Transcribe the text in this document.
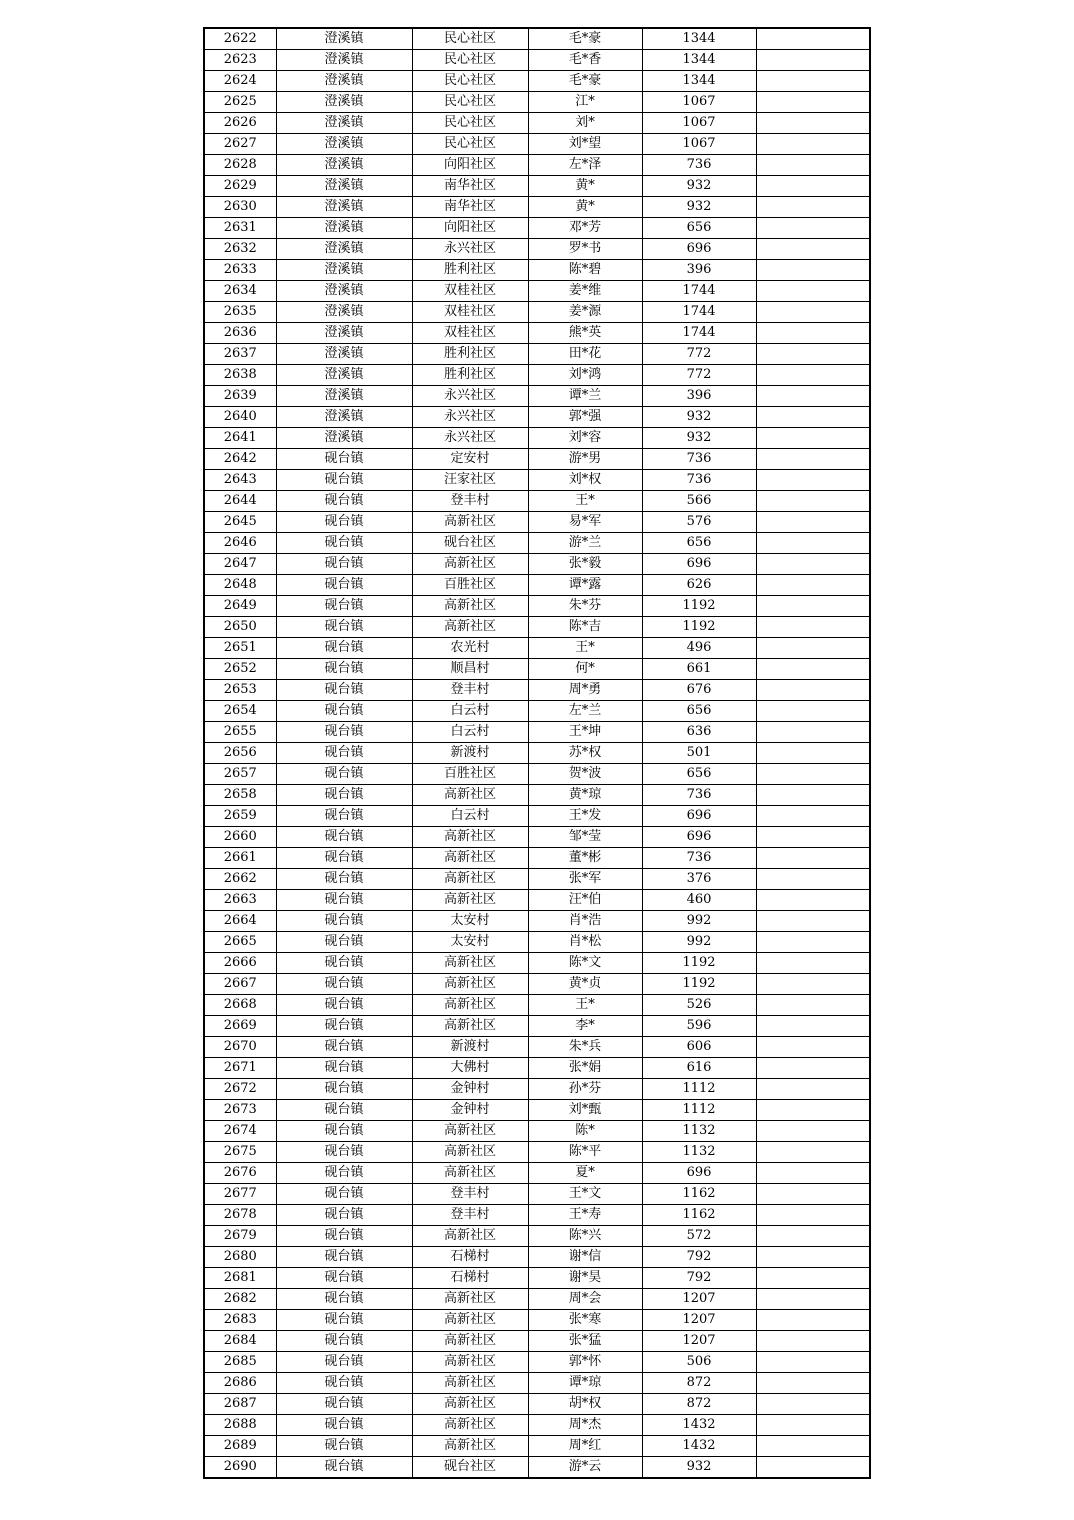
2622	澄溪镇	民心社区	毛*豪	1344	
2623	澄溪镇	民心社区	毛*香	1344	
2624	澄溪镇	民心社区	毛*豪	1344	
2625	澄溪镇	民心社区	江*	1067	
2626	澄溪镇	民心社区	刘*	1067	
2627	澄溪镇	民心社区	刘*望	1067	
2628	澄溪镇	向阳社区	左*泽	736	
2629	澄溪镇	南华社区	黄*	932	
2630	澄溪镇	南华社区	黄*	932	
2631	澄溪镇	向阳社区	邓*芳	656	
2632	澄溪镇	永兴社区	罗*书	696	
2633	澄溪镇	胜利社区	陈*碧	396	
2634	澄溪镇	双桂社区	姜*维	1744	
2635	澄溪镇	双桂社区	姜*源	1744	
2636	澄溪镇	双桂社区	熊*英	1744	
2637	澄溪镇	胜利社区	田*花	772	
2638	澄溪镇	胜利社区	刘*鸿	772	
2639	澄溪镇	永兴社区	谭*兰	396	
2640	澄溪镇	永兴社区	郭*强	932	
2641	澄溪镇	永兴社区	刘*容	932	
2642	砚台镇	定安村	游*男	736	
2643	砚台镇	汪家社区	刘*权	736	
2644	砚台镇	登丰村	王*	566	
2645	砚台镇	高新社区	易*军	576	
2646	砚台镇	砚台社区	游*兰	656	
2647	砚台镇	高新社区	张*毅	696	
2648	砚台镇	百胜社区	谭*露	626	
2649	砚台镇	高新社区	朱*芬	1192	
2650	砚台镇	高新社区	陈*吉	1192	
2651	砚台镇	农光村	王*	496	
2652	砚台镇	顺昌村	何*	661	
2653	砚台镇	登丰村	周*勇	676	
2654	砚台镇	白云村	左*兰	656	
2655	砚台镇	白云村	王*坤	636	
2656	砚台镇	新渡村	苏*权	501	
2657	砚台镇	百胜社区	贺*波	656	
2658	砚台镇	高新社区	黄*琼	736	
2659	砚台镇	白云村	王*发	696	
2660	砚台镇	高新社区	邹*莹	696	
2661	砚台镇	高新社区	董*彬	736	
2662	砚台镇	高新社区	张*军	376	
2663	砚台镇	高新社区	汪*伯	460	
2664	砚台镇	太安村	肖*浩	992	
2665	砚台镇	太安村	肖*松	992	
2666	砚台镇	高新社区	陈*文	1192	
2667	砚台镇	高新社区	黄*贞	1192	
2668	砚台镇	高新社区	王*	526	
2669	砚台镇	高新社区	李*	596	
2670	砚台镇	新渡村	朱*兵	606	
2671	砚台镇	大佛村	张*娟	616	
2672	砚台镇	金钟村	孙*芬	1112	
2673	砚台镇	金钟村	刘*甄	1112	
2674	砚台镇	高新社区	陈*	1132	
2675	砚台镇	高新社区	陈*平	1132	
2676	砚台镇	高新社区	夏*	696	
2677	砚台镇	登丰村	王*文	1162	
2678	砚台镇	登丰村	王*寿	1162	
2679	砚台镇	高新社区	陈*兴	572	
2680	砚台镇	石梯村	谢*信	792	
2681	砚台镇	石梯村	谢*昊	792	
2682	砚台镇	高新社区	周*会	1207	
2683	砚台镇	高新社区	张*寒	1207	
2684	砚台镇	高新社区	张*猛	1207	
2685	砚台镇	高新社区	郭*怀	506	
2686	砚台镇	高新社区	谭*琼	872	
2687	砚台镇	高新社区	胡*权	872	
2688	砚台镇	高新社区	周*杰	1432	
2689	砚台镇	高新社区	周*红	1432	
2690	砚台镇	砚台社区	游*云	932	
